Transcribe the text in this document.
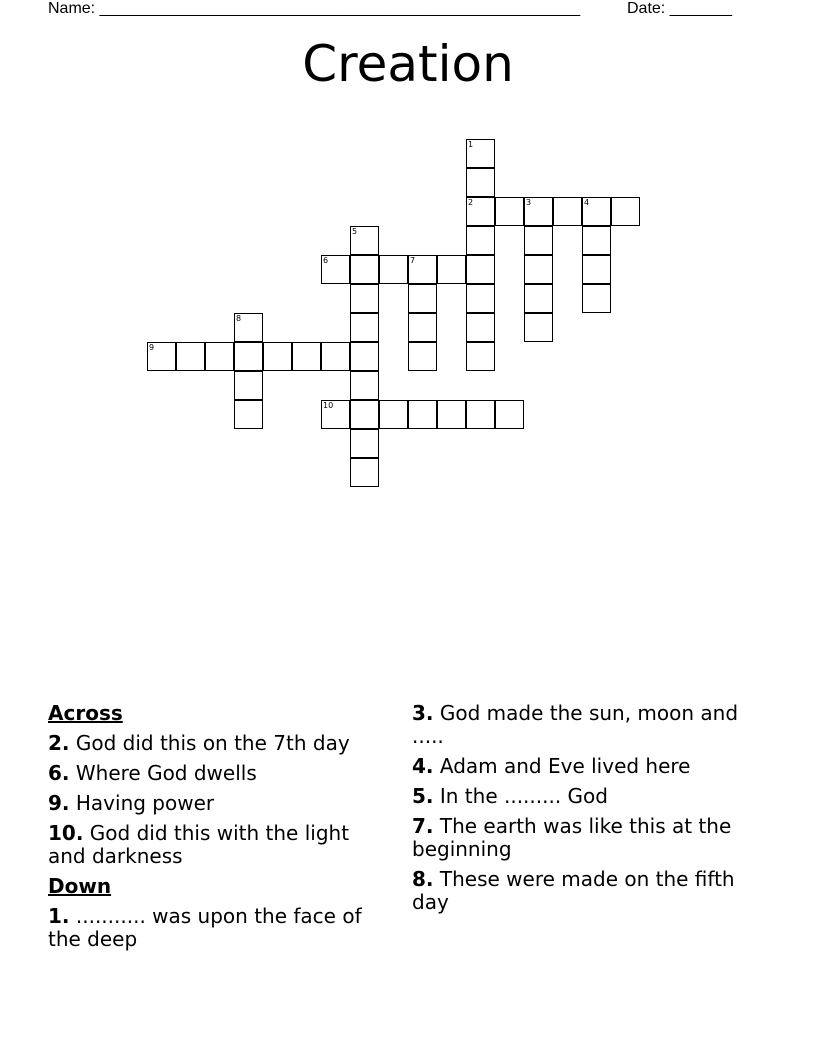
Name: ______________________________________________________	Date: _______
Creation
1
2	3	4
5
6	7
8
9
10
Across
2. God did this on the 7th day
6. Where God dwells
9. Having power
10. God did this with the light and darkness
Down
1. ........... was upon the face of the deep
3. God made the sun, moon and .....
4. Adam and Eve lived here
5. In the ......... God
7. The earth was like this at the beginning
8. These were made on the fifth day
